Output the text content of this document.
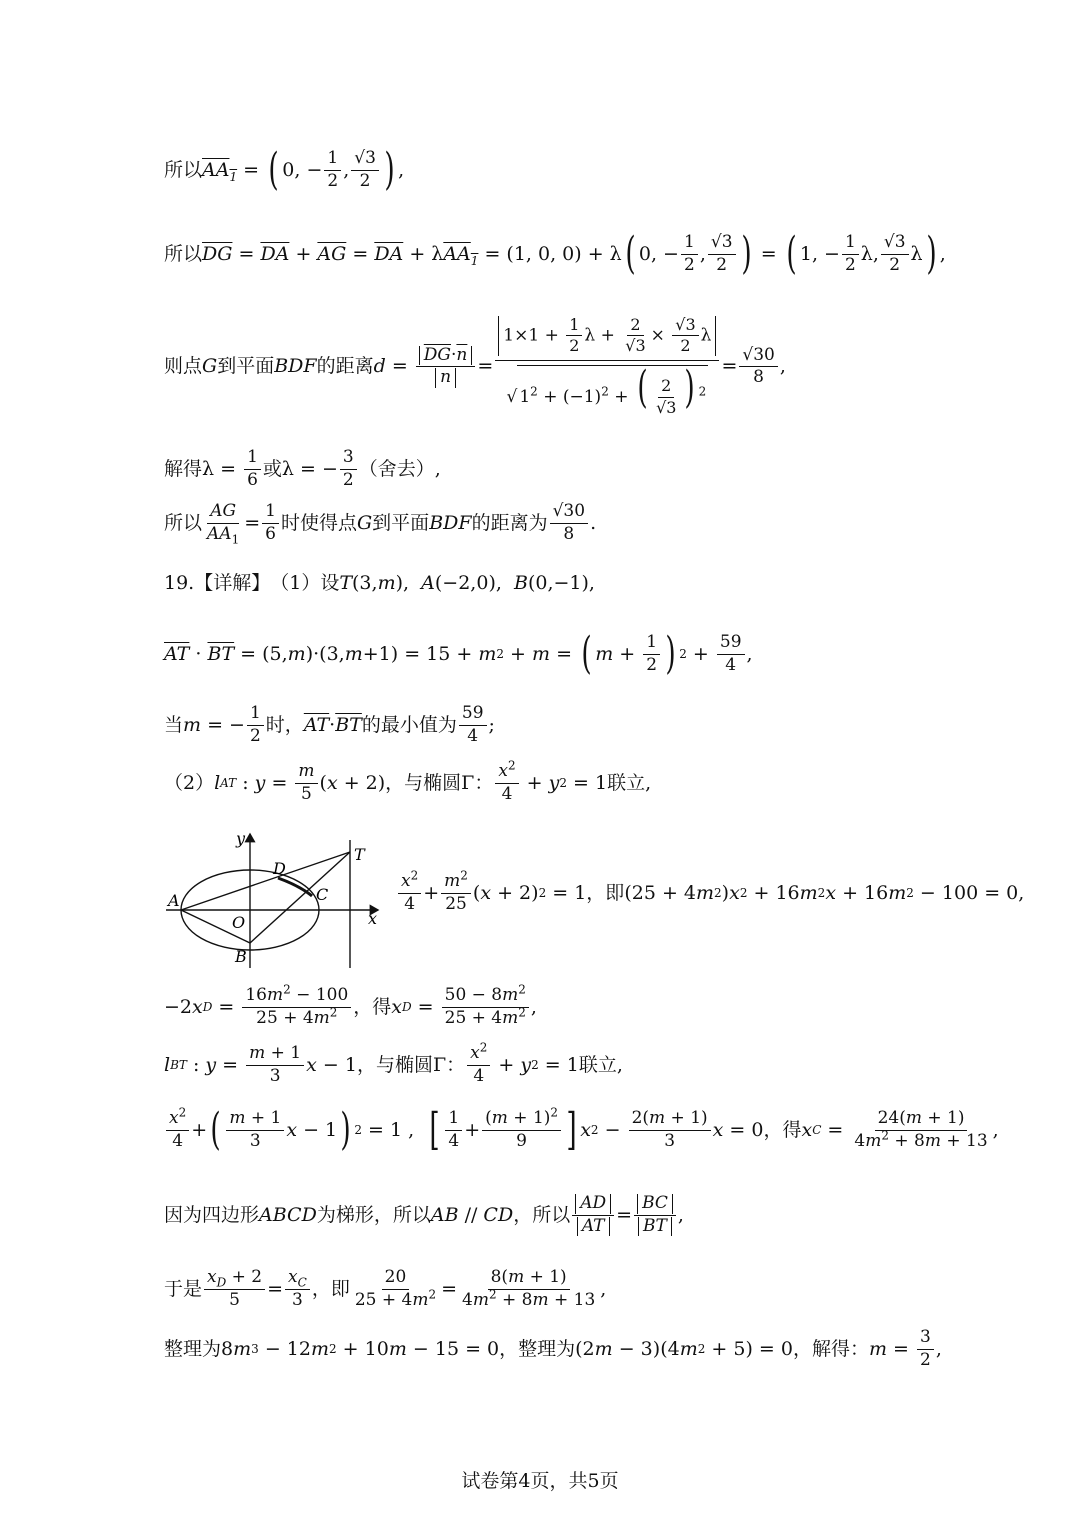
所以 $AA_1$ = ( 0, − $\frac{1}{2}$ , $\frac{√3}{2}$ ) ,
所以 $\overline{DG} = \overline{DA} + \overline{AG} = \overline{DA} + \lambda$ $AA_1 = (1$, 0, 0) + λ ( 0, − $\frac{1}{2}$ , $\frac{√3}{2}$ ) = ( 1, − $\frac{1}{2} \lambda$, $\frac{√3}{2}$ λ ) ,
则点 G 到平面 BDF 的距离 $d = \frac{\overline{DG}\cdot\overline{n}}{n} = \frac{1\times 1 + \frac{1}{2} \lambda + \frac{2}{√3} \times \frac{√3}{2} \lambda}{√ 1^2 + (-1)^2 + ( \frac{2}{√3} ) ^2} = \frac{√30}{8}$ ,
解得 $\lambda = \frac{1}{6}$ 或 λ = − $\frac{3}{2}$ （舍去）,
所以 $\frac{AG}{AA_1} = \frac{1}{6}$ 时使得点 G 到平面 BDF 的距离为 $\frac{√30}{8}$ .
19. 【详解】 （1）设 T (3, m ) ,
A (−2,0) ,
B (0,−1),
$\overline{AT} \cdot \overline{BT} = (5$, m )·(3, m +1) = 15 + m 2 + m = ( $m + \frac{1}{2}$ ) $2 + \frac{59}{4}$ ,
当 m = − $\frac{1}{2}$ 时， $\overline{AT} \cdot \overline{BT}$ 的最小值为 $\frac{59}{4}$ ;
（2） l AT : $y = \frac{m}{5}$ ( x + 2) ，与椭圆Γ： $\frac{x^2}{4} + y$ 2 = 1 联立,
y
T
D
C
A
O	x
B
$\frac{x^2}{4} + \frac{m^2}{25}$ ( x + 2) 2 = 1 ，即 (25 + 4 m 2 ) x 2 + 16 m 2 x + 16 m 2 − 100 = 0 ,
−2 x $D = \frac{16m^2 - 100}{25 + 4m^2}$ ，得 x $D = \frac{50 - 8m^2}{25 + 4m^2}$ ,
l BT : $y = \frac{m + 1}{3}$ x − 1 ，与椭圆Γ： $\frac{x^2}{4} + y$ 2 = 1 联立,
$\frac{x^2}{4}$ + ( $\frac{m + 1}{3}$ x − 1 ) 2 = 1 , [ $\frac{1}{4} + \frac{(m + 1)^2}{9}$ ] x $2 - \frac{2(m + 1)}{3}$ x = 0 ，得 x $C = \frac{24(m + 1)}{4m^2 + 8m + 13}$ ,
因为四边形 ABCD 为梯形，所以 AB // CD ，所以 $\frac{AD}{AT} = \frac{BC}{BT}$ ,
于是 $\frac{x_D + 2}{5} = \frac{x_C}{3}$ ，即 $\frac{20}{25 + 4m^2} = \frac{8(m + 1)}{4m^2 + 8m + 13}$ ,
整理为 8 m 3 − 12 m 2 + 10 m − 15 = 0 ，整理为 (2 m − 3)(4 m 2 + 5) = 0 ，解得： $m = \frac{3}{2}$ ,
试卷第4页，共5页
